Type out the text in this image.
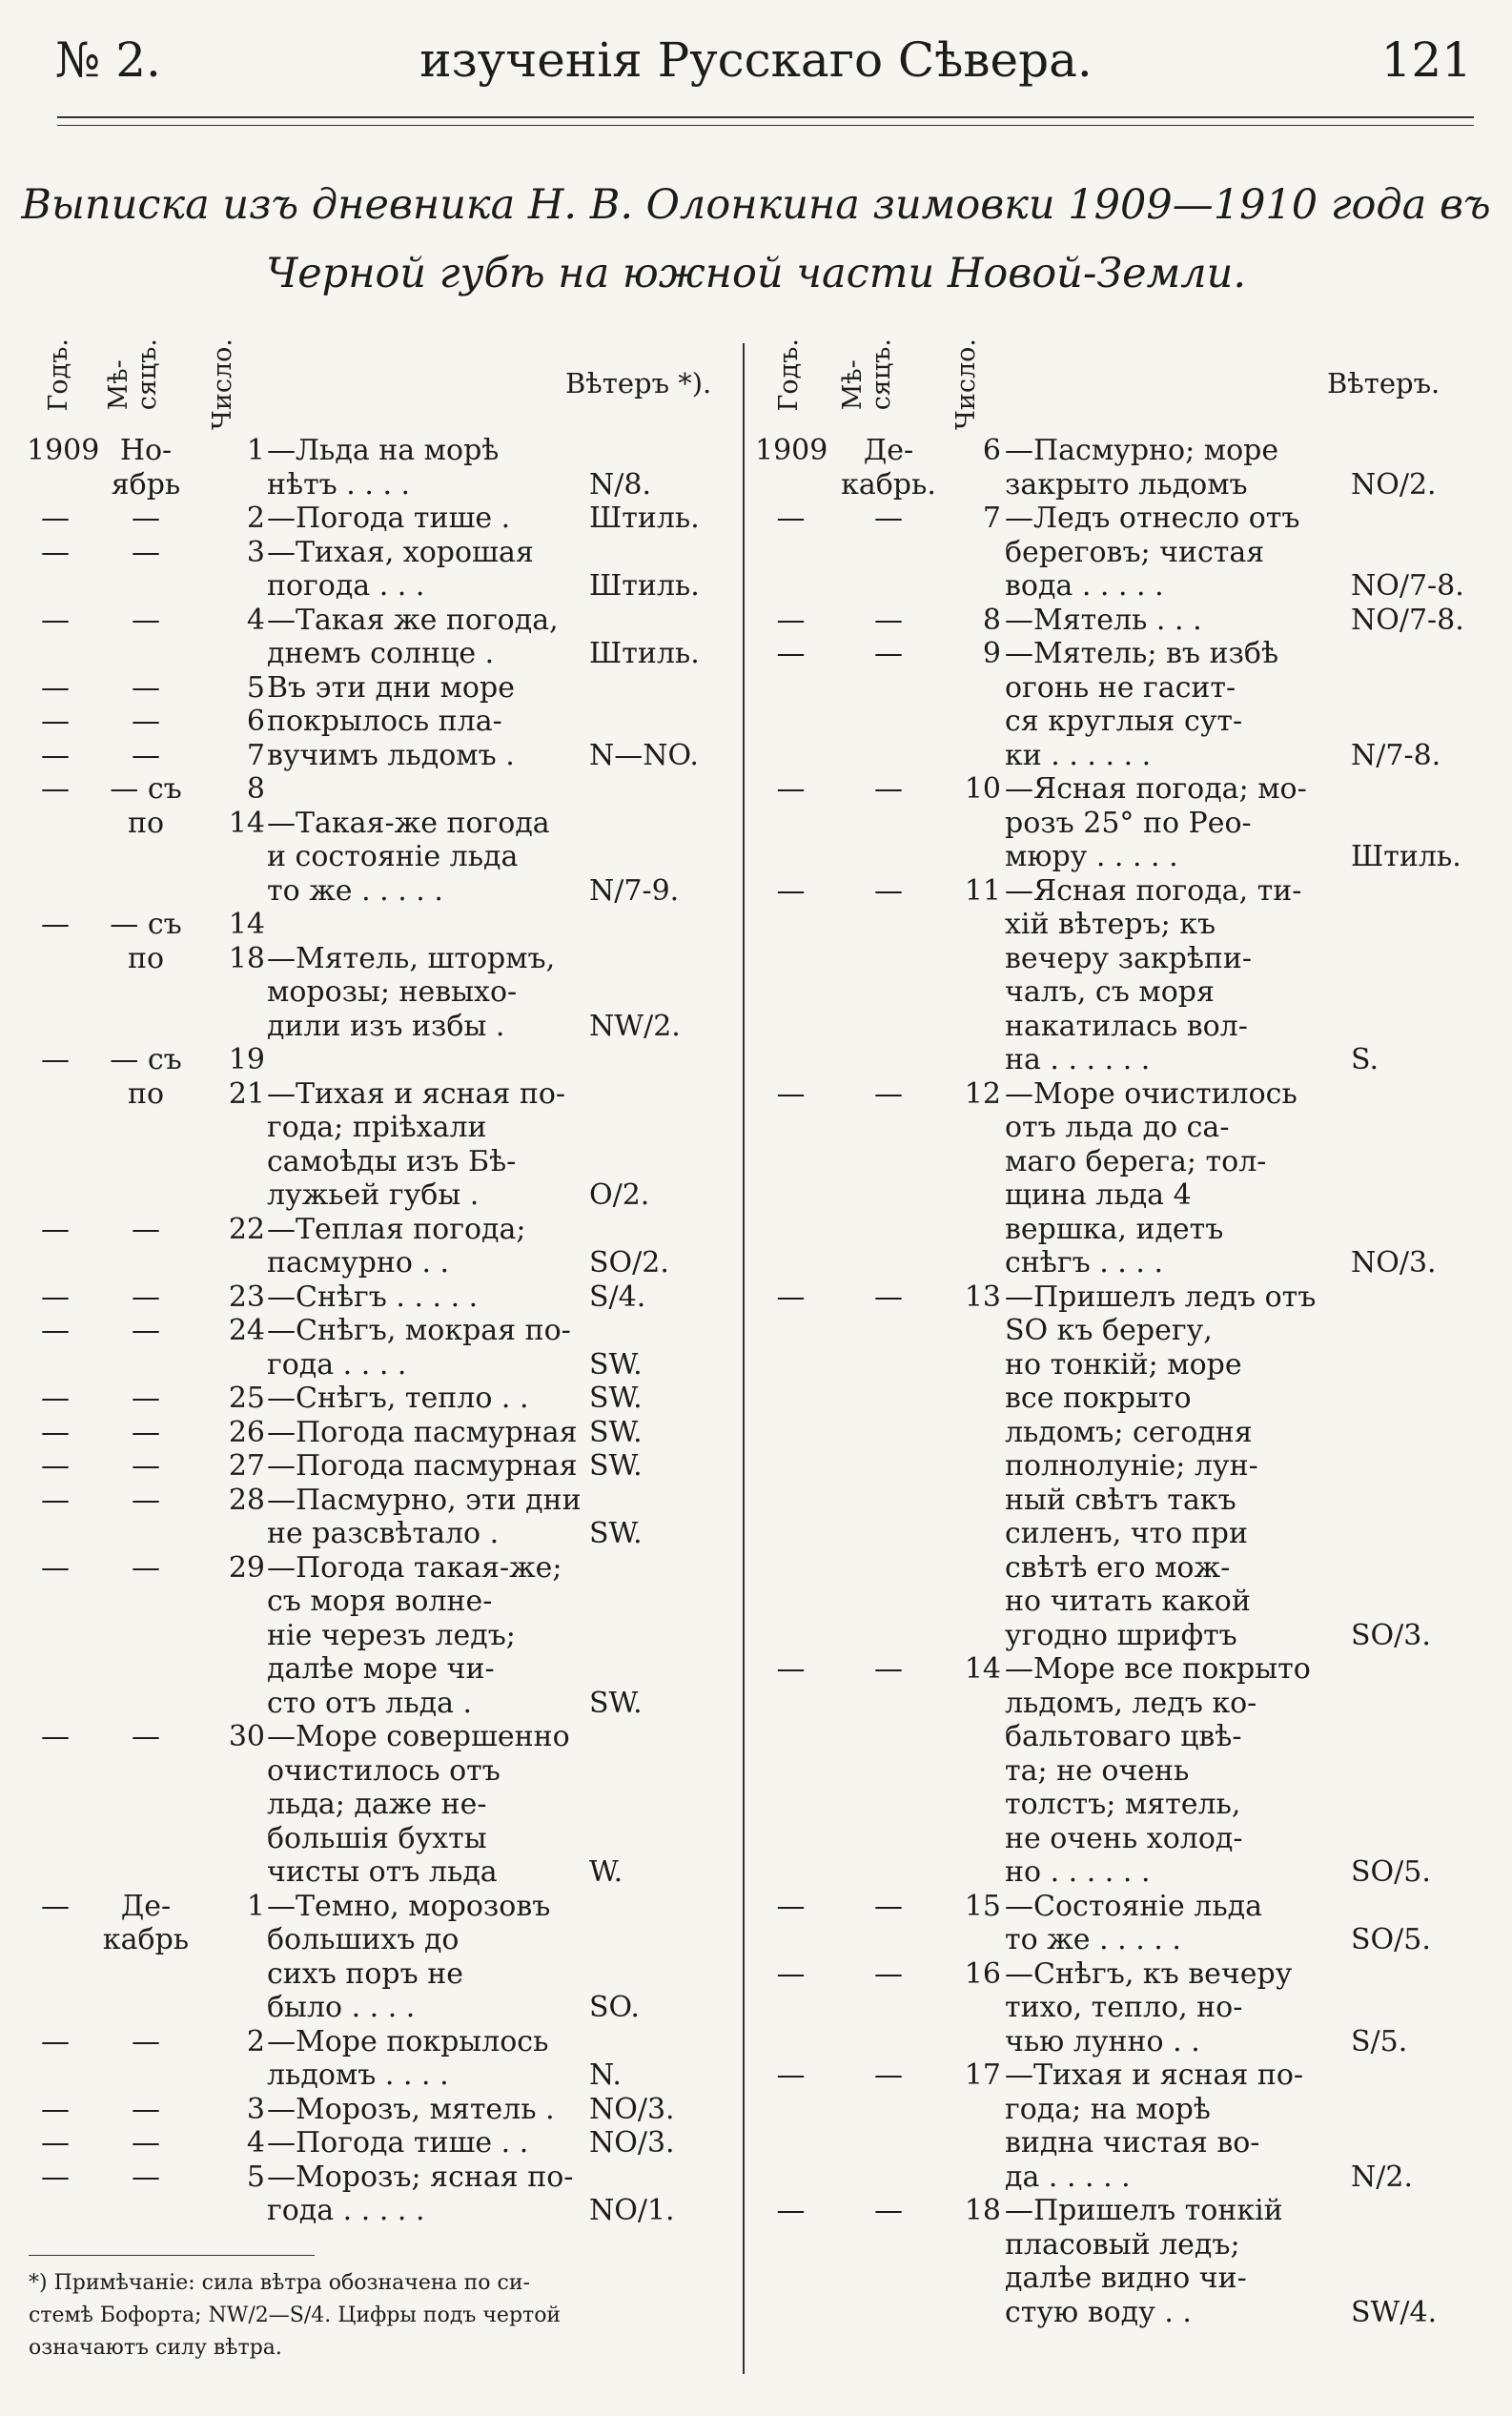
№ 2.	изученія Русскаго Сѣвера.	121
Выписка изъ дневника Н. В. Олонкина зимовки 1909—1910 года въ
Черной губѣ на южной части Новой-Земли.
Годъ. Мѣ-
сяцъ. Число.	Вѣтеръ *).
1909 Но-	1 —Льда на морѣ
ябрь	нѣтъ . . . .	N/8.
—	—	2 —Погода тише .	Штиль.
—	—	3 —Тихая, хорошая
погода . . .	Штиль.
—	—	4 —Такая же погода,
днемъ солнце .	Штиль.
—	—	5 Въ эти дни море
—	—	6 покрылось пла-
—	—	7 вучимъ льдомъ .	N—NO.
—	— съ	8
по	14 —Такая-же погода
и состояніе льда
то же . . . . .	N/7-9.
—	— съ	14
по	18 —Мятель, штормъ,
морозы; невыхо-
дили изъ избы .	NW/2.
—	— съ	19
по	21 —Тихая и ясная по-
года; пріѣхали
самоѣды изъ Бѣ-
лужьей губы .	O/2.
—	—	22 —Теплая погода;
пасмурно . .	SO/2.
—	—	23 —Снѣгъ . . . . .	S/4.
—	—	24 —Снѣгъ, мокрая по-
года . . . .	SW.
—	—	25 —Снѣгъ, тепло . .	SW.
—	—	26 —Погода пасмурная SW.
—	—	27 —Погода пасмурная SW.
—	—	28 —Пасмурно, эти дни
не разсвѣтало .	SW.
—	—	29 —Погода такая-же;
съ моря волне-
ніе черезъ ледъ;
далѣе море чи-
сто отъ льда .	SW.
—	—	30 —Море совершенно
очистилось отъ
льда; даже не-
большія бухты
чисты отъ льда	W.
—	Де-	1 —Темно, морозовъ
кабрь	большихъ до
сихъ поръ не
было . . . .	SO.
—	—	2 —Море покрылось
льдомъ . . . .	N.
—	—	3 —Морозъ, мятель .	NO/3.
—	—	4 —Погода тише . .	NO/3.
—	—	5 —Морозъ; ясная по-
года . . . . .	NO/1.
Годъ. Мѣ-
сяцъ. Число.	Вѣтеръ.
1909	Де-	6 —Пасмурно; море
кабрь.	закрыто льдомъ	NO/2.
—	—	7 —Ледъ отнесло отъ
береговъ; чистая
вода . . . . .	NO/7-8.
—	—	8 —Мятель . . .	NO/7-8.
—	—	9 —Мятель; въ избѣ
огонь не гасит-
ся круглыя сут-
ки . . . . . .	N/7-8.
—	—	10 —Ясная погода; мо-
розъ 25° по Рео-
мюру . . . . .	Штиль.
—	—	11 —Ясная погода, ти-
хій вѣтеръ; къ
вечеру закрѣпи-
чалъ, съ моря
накатилась вол-
на . . . . . .	S.
—	—	12 —Море очистилось
отъ льда до са-
маго берега; тол-
щина льда 4
вершка, идетъ
снѣгъ . . . .	NO/3.
—	—	13 —Пришелъ ледъ отъ
SO къ берегу,
но тонкій; море
все покрыто
льдомъ; сегодня
полнолуніе; лун-
ный свѣтъ такъ
силенъ, что при
свѣтѣ его мож-
но читать какой
угодно шрифтъ	SO/3.
—	—	14 —Море все покрыто
льдомъ, ледъ ко-
бальтоваго цвѣ-
та; не очень
толстъ; мятель,
не очень холод-
но . . . . . .	SO/5.
—	—	15 —Состояніе льда
то же . . . . .	SO/5.
—	—	16 —Снѣгъ, къ вечеру
тихо, тепло, но-
чью лунно . .	S/5.
—	—	17 —Тихая и ясная по-
года; на морѣ
видна чистая во-
да . . . . .	N/2.
—	—	18 —Пришелъ тонкій
пласовый ледъ;
далѣе видно чи-
стую воду . .	SW/4.
*) Примѣчаніе: сила вѣтра обозначена по си-
стемѣ Бофорта; NW/2—S/4. Цифры подъ чертой
означаютъ силу вѣтра.
